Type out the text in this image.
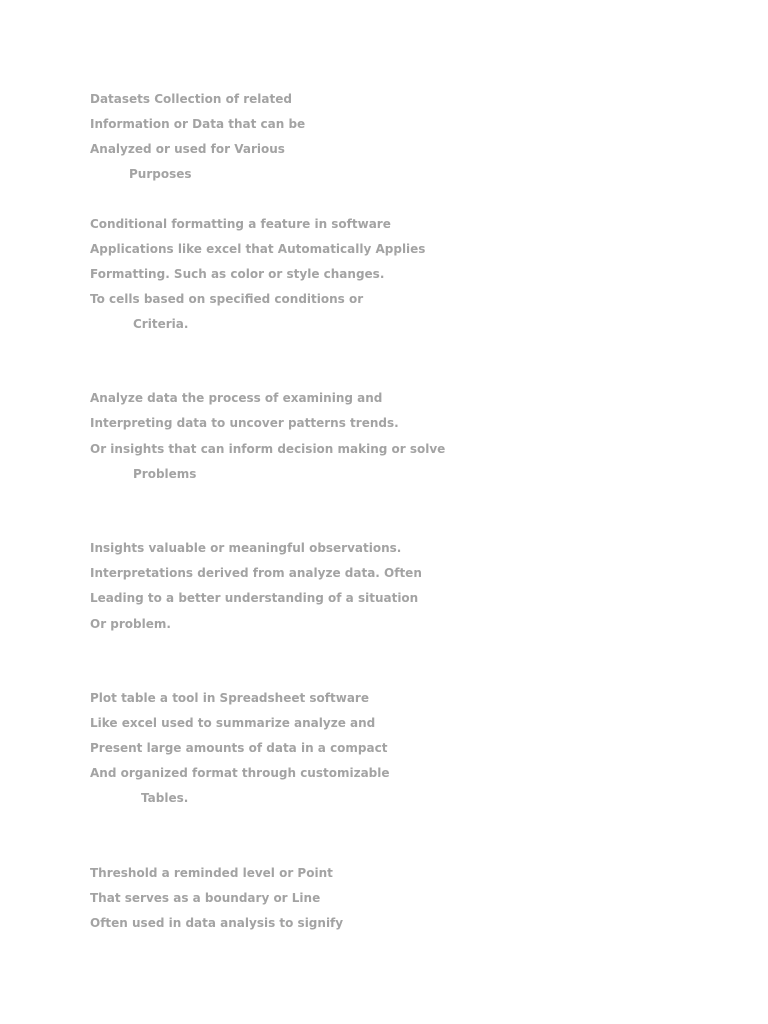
Datasets Collection of related
Information or Data that can be
Analyzed or used for Various
Purposes
Conditional formatting a feature in software
Applications like excel that Automatically Applies
Formatting. Such as color or style changes.
To cells based on specified conditions or
Criteria.
Analyze data the process of examining and
Interpreting data to uncover patterns trends.
Or insights that can inform decision making or solve
Problems
Insights valuable or meaningful observations.
Interpretations derived from analyze data. Often
Leading to a better understanding of a situation
Or problem.
Plot table a tool in Spreadsheet software
Like excel used to summarize analyze and
Present large amounts of data in a compact
And organized format through customizable
Tables.
Threshold a reminded level or Point
That serves as a boundary or Line
Often used in data analysis to signify
